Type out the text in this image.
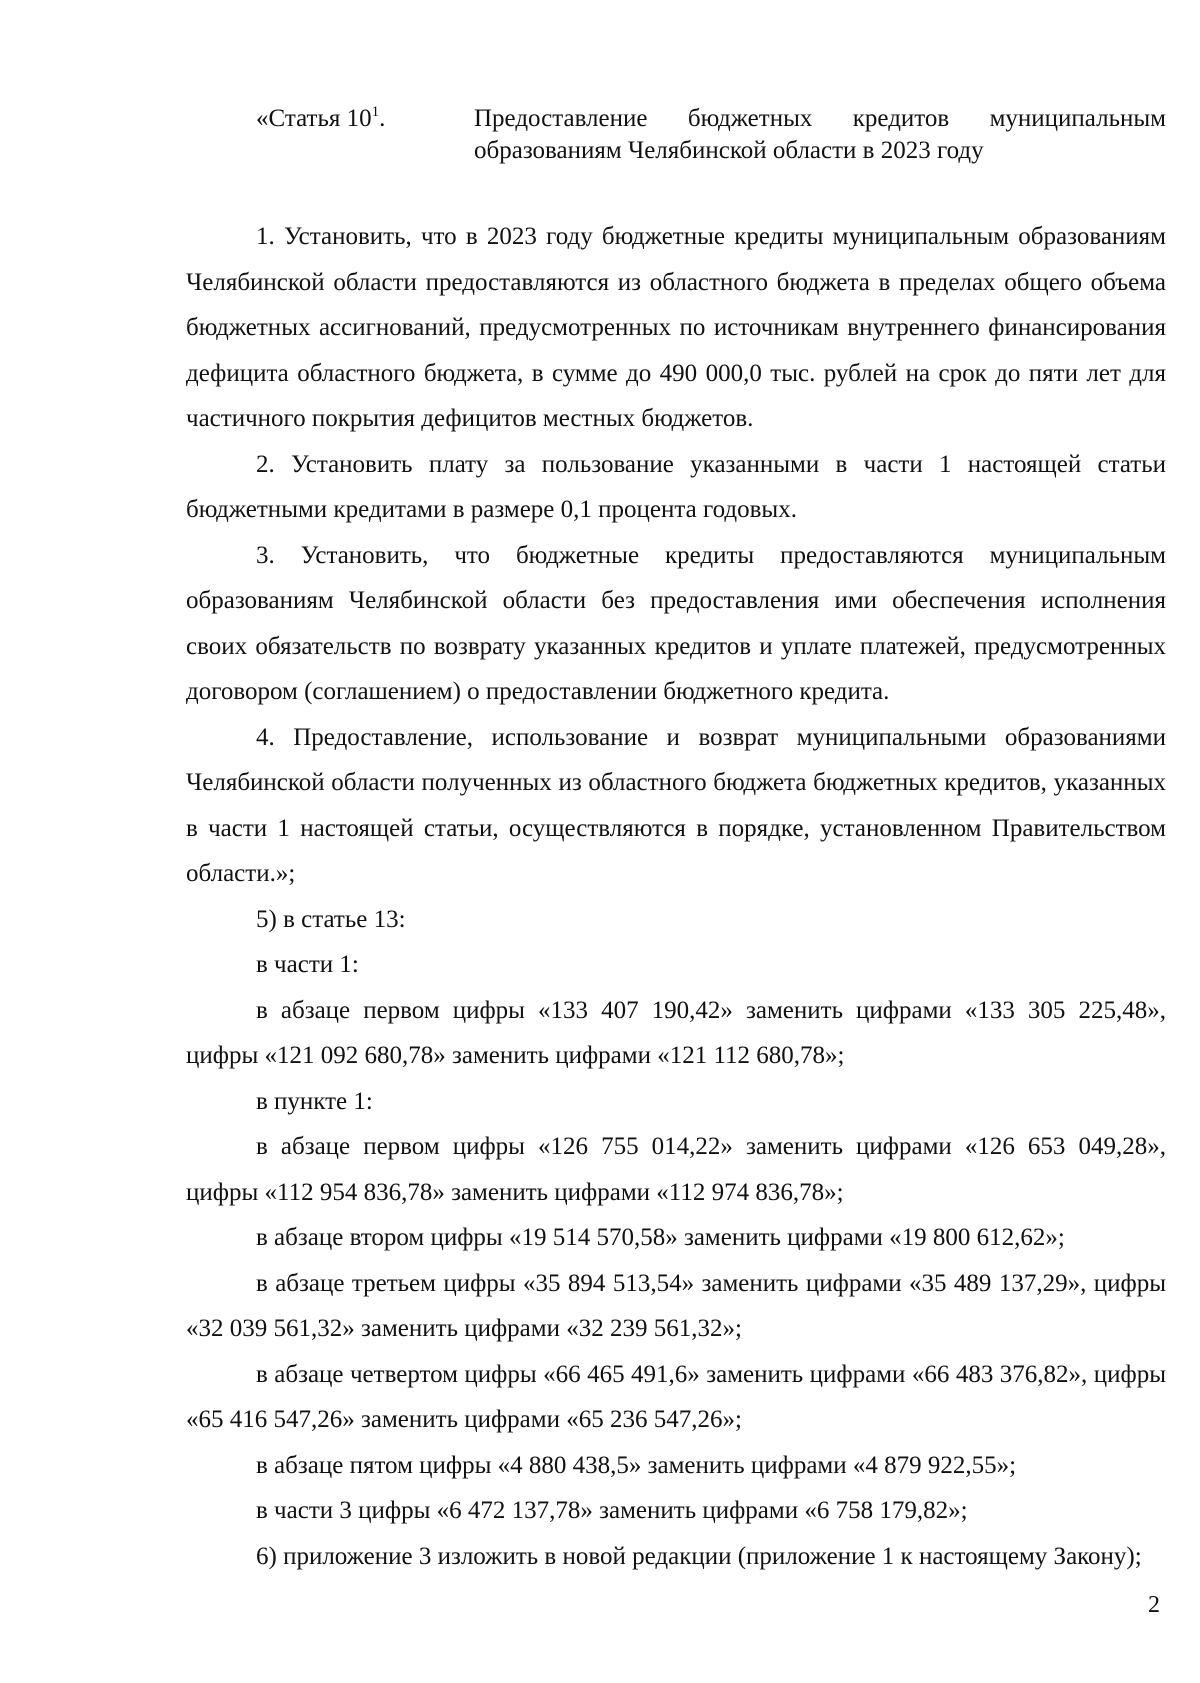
«Статья $10^1$.	Предоставление бюджетных кредитов муниципальным образованиям Челябинской области в 2023 году

1. Установить, что в 2023 году бюджетные кредиты муниципальным образованиям Челябинской области предоставляются из областного бюджета в пределах общего объема бюджетных ассигнований, предусмотренных по источникам внутреннего финансирования дефицита областного бюджета, в сумме до 490 000,0 тыс. рублей на срок до пяти лет для частичного покрытия дефицитов местных бюджетов.

2. Установить плату за пользование указанными в части 1 настоящей статьи бюджетными кредитами в размере 0,1 процента годовых.

3. Установить, что бюджетные кредиты предоставляются муниципальным образованиям Челябинской области без предоставления ими обеспечения исполнения своих обязательств по возврату указанных кредитов и уплате платежей, предусмотренных договором (соглашением) о предоставлении бюджетного кредита.

4. Предоставление, использование и возврат муниципальными образованиями Челябинской области полученных из областного бюджета бюджетных кредитов, указанных в части 1 настоящей статьи, осуществляются в порядке, установленном Правительством области.»;

5) в статье 13:

в части 1:

в абзаце первом цифры «133 407 190,42» заменить цифрами «133 305 225,48», цифры «121 092 680,78» заменить цифрами «121 112 680,78»;

в пункте 1:

в абзаце первом цифры «126 755 014,22» заменить цифрами «126 653 049,28», цифры «112 954 836,78» заменить цифрами «112 974 836,78»;

в абзаце втором цифры «19 514 570,58» заменить цифрами «19 800 612,62»;

в абзаце третьем цифры «35 894 513,54» заменить цифрами «35 489 137,29», цифры «32 039 561,32» заменить цифрами «32 239 561,32»;

в абзаце четвертом цифры «66 465 491,6» заменить цифрами «66 483 376,82», цифры «65 416 547,26» заменить цифрами «65 236 547,26»;

в абзаце пятом цифры «4 880 438,5» заменить цифрами «4 879 922,55»;

в части 3 цифры «6 472 137,78» заменить цифрами «6 758 179,82»;

6) приложение 3 изложить в новой редакции (приложение 1 к настоящему Закону);

2
